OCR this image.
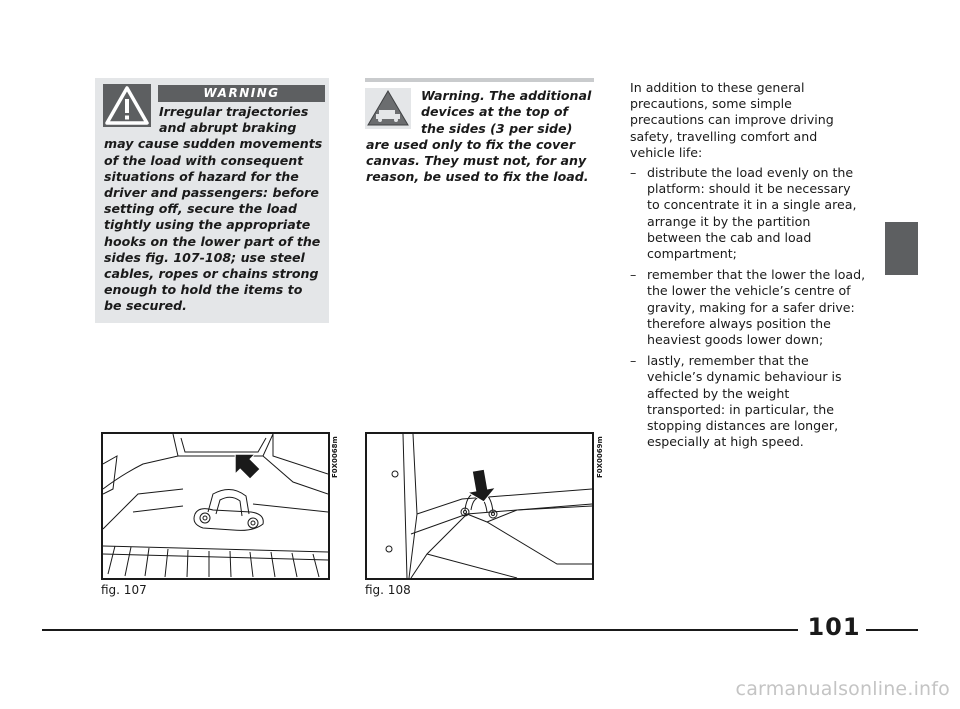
WARNING

Irregular trajectories and abrupt braking may cause sudden movements of the load with consequent situations of hazard for the driver and passengers: before setting off, secure the load tightly using the appropriate hooks on the lower part of the sides fig. 107-108; use steel cables, ropes or chains strong enough to hold the items to be secured.

Warning. The additional devices at the top of the sides (3 per side) are used only to fix the cover canvas. They must not, for any reason, be used to fix the load.

In addition to these general precautions, some simple precautions can improve driving safety, travelling comfort and vehicle life:

– distribute the load evenly on the platform: should it be necessary to concentrate it in a single area, arrange it by the partition between the cab and load compartment;
– remember that the lower the load, the lower the vehicle’s centre of gravity, making for a safer drive: therefore always position the heaviest goods lower down;
– lastly, remember that the vehicle’s dynamic behaviour is affected by the weight transported: in particular, the stopping distances are longer, especially at high speed.
F0X0068m
fig. 107
F0X0069m
fig. 108
101
carmanualsonline.info
